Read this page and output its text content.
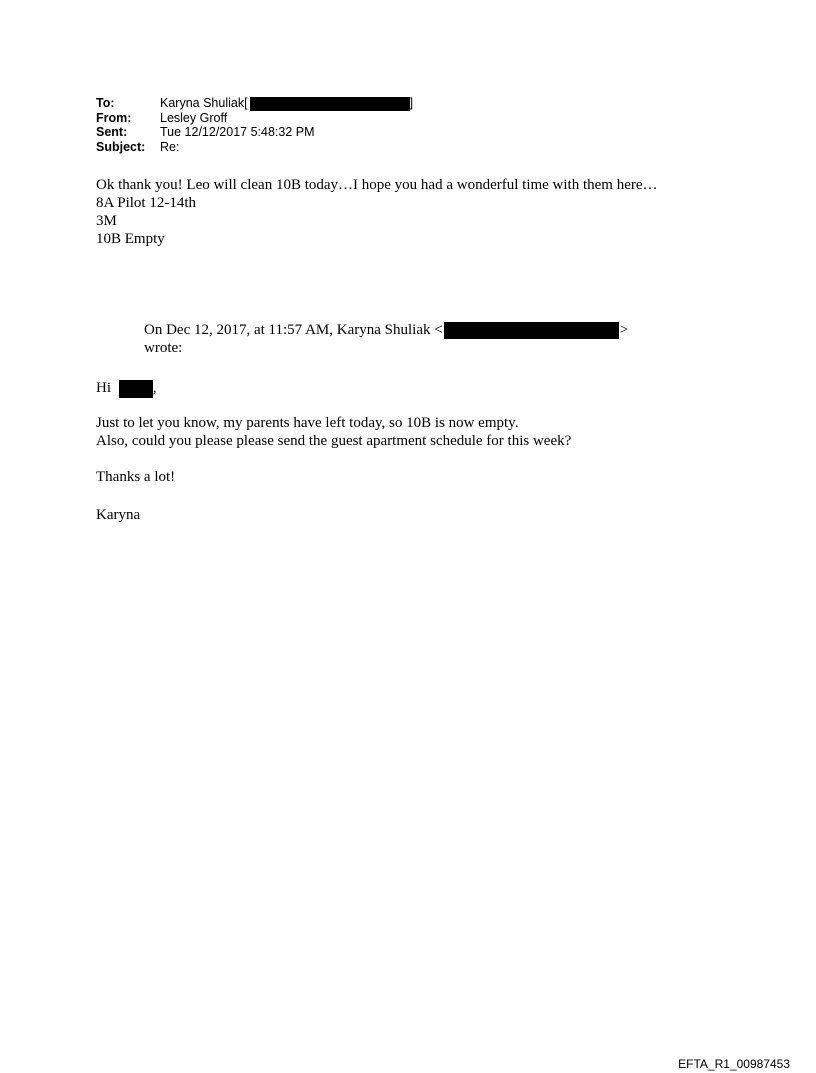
To:	Karyna Shuliak[	]
From:	Lesley Groff
Sent:	Tue 12/12/2017 5:48:32 PM
Subject:	Re:
Ok thank you! Leo will clean 10B today…I hope you had a wonderful time with them here…
8A Pilot 12-14th
3M
10B Empty
On Dec 12, 2017, at 11:57 AM, Karyna Shuliak <	>
wrote:
Hi	,
Just to let you know, my parents have left today, so 10B is now empty.
Also, could you please please send the guest apartment schedule for this week?
Thanks a lot!
Karyna
EFTA_R1_00987453
